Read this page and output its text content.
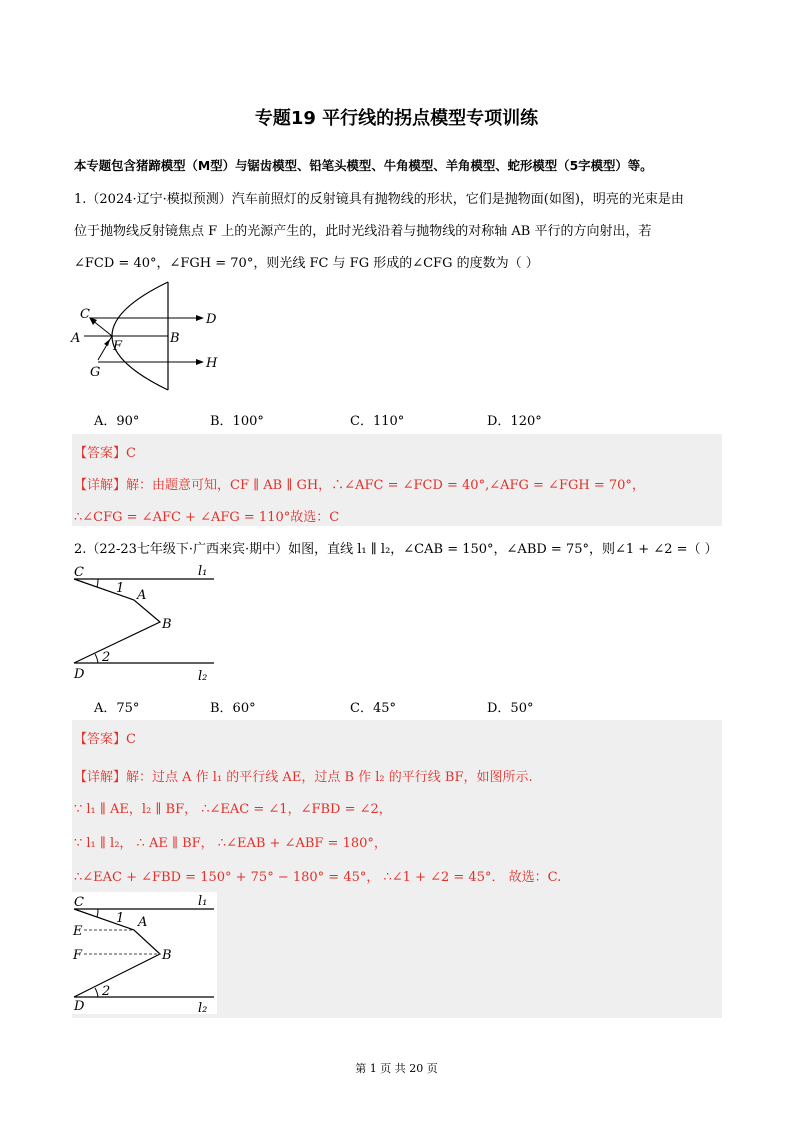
专题19 平行线的拐点模型专项训练
本专题包含猪蹄模型（M型）与锯齿模型、铅笔头模型、牛角模型、羊角模型、蛇形模型（5字模型）等。
1.（2024·辽宁·模拟预测）汽车前照灯的反射镜具有抛物线的形状，它们是抛物面(如图)，明亮的光束是由
位于抛物线反射镜焦点 F 上的光源产生的，此时光线沿着与抛物线的对称轴 AB 平行的方向射出，若
∠FCD = 40°，∠FGH = 70°，则光线 FC 与 FG 形成的∠CFG 的度数为（ ）
C
A
F
G
B
D
H
A．90°	B．100°	C．110°	D．120°
【答案】C
【详解】解：由题意可知，CF ∥ AB ∥ GH，∴∠AFC = ∠FCD = 40°,∠AFG = ∠FGH = 70°，
∴∠CFG = ∠AFC + ∠AFG = 110°故选：C
2.（22-23七年级下·广西来宾·期中）如图，直线 l₁ ∥ l₂，∠CAB = 150°，∠ABD = 75°，则∠1 + ∠2 =（ ）
C	l₁
1 A
B
2
D	l₂
A．75°	B．60°	C．45°	D．50°
【答案】C
【详解】解：过点 A 作 l₁ 的平行线 AE，过点 B 作 l₂ 的平行线 BF，如图所示.
∵ l₁ ∥ AE，l₂ ∥ BF， ∴∠EAC = ∠1，∠FBD = ∠2，
∵ l₁ ∥ l₂， ∴ AE ∥ BF， ∴∠EAB + ∠ABF = 180°，
∴∠EAC + ∠FBD = 150° + 75° − 180° = 45°， ∴∠1 + ∠2 = 45°． 故选：C.
C	l₁
1 A
E
F	B
2
D	l₂
第 1 页 共 20 页
